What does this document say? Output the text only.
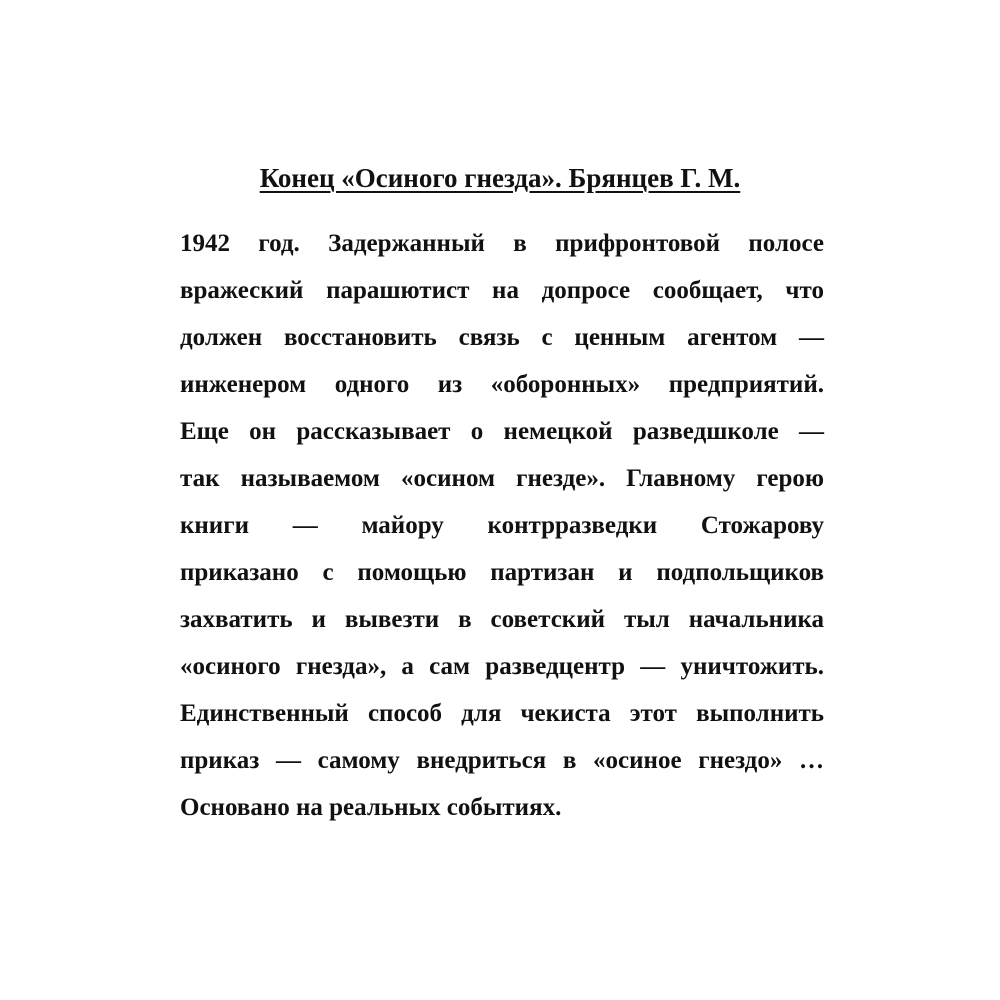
Конец «Осиного гнезда». Брянцев Г. М.
1942 год. Задержанный в прифронтовой полосе
вражеский парашютист на допросе сообщает, что
должен восстановить связь с ценным агентом —
инженером одного из «оборонных» предприятий.
Еще он рассказывает о немецкой разведшколе —
так называемом «осином гнезде». Главному герою
книги — майору контрразведки Стожарову
приказано с помощью партизан и подпольщиков
захватить и вывезти в советский тыл начальника
«осиного гнезда», а сам разведцентр — уничтожить.
Единственный способ для чекиста этот выполнить
приказ — самому внедриться в «осиное гнездо» …
Основано на реальных событиях.
